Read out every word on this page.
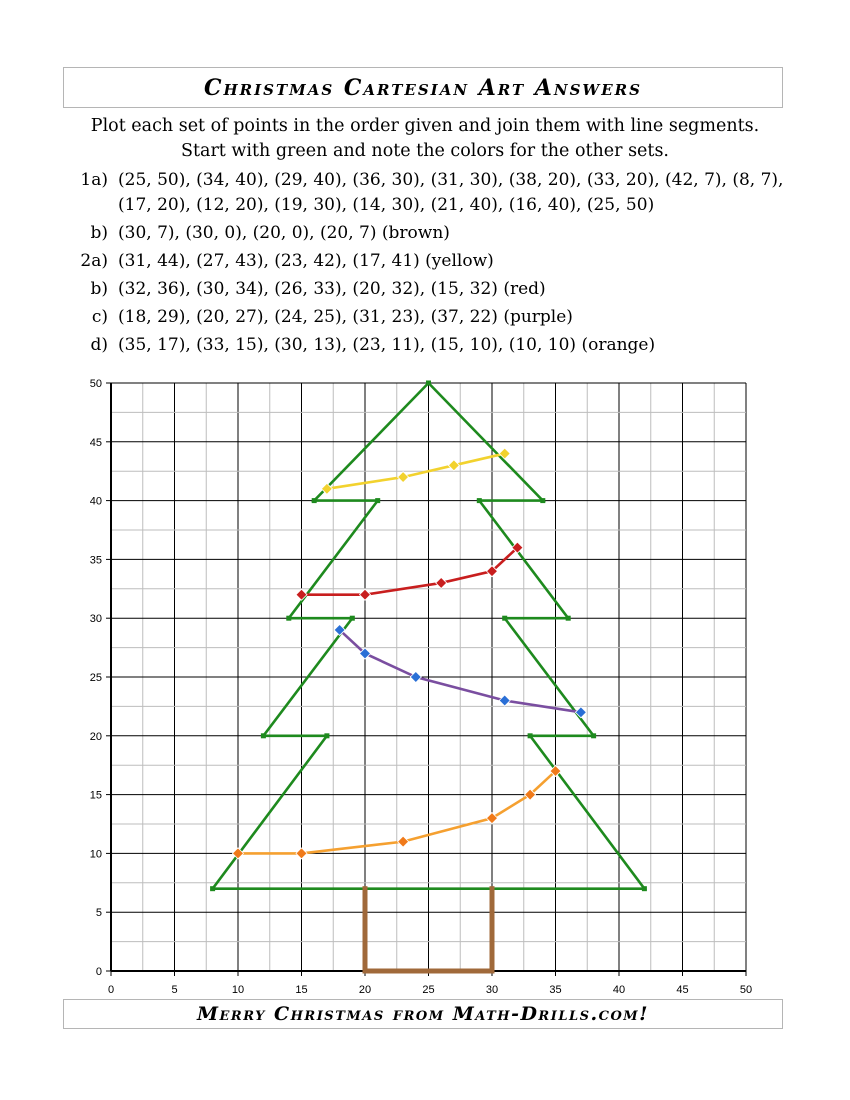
Christmas Cartesian Art Answers
Plot each set of points in the order given and join them with line segments.
Start with green and note the colors for the other sets.
1a) (25, 50), (34, 40), (29, 40), (36, 30), (31, 30), (38, 20), (33, 20), (42, 7), (8, 7), (17, 20), (12, 20), (19, 30), (14, 30), (21, 40), (16, 40), (25, 50)
b) (30, 7), (30, 0), (20, 0), (20, 7) (brown)
2a) (31, 44), (27, 43), (23, 42), (17, 41) (yellow)
b) (32, 36), (30, 34), (26, 33), (20, 32), (15, 32) (red)
c) (18, 29), (20, 27), (24, 25), (31, 23), (37, 22) (purple)
d) (35, 17), (33, 15), (30, 13), (23, 11), (15, 10), (10, 10) (orange)
0	5	10	15	20	25	30	35	40	45	50
0
5
10
15
20
25
30
35
40
45
50
Merry Christmas from Math-Drills.com!
